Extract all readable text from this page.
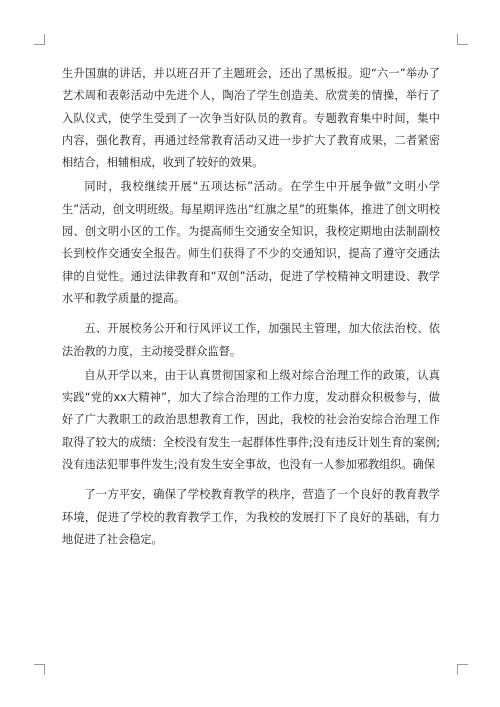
生升国旗的讲话，并以班召开了主题班会，还出了黑板报。迎“六一”举办了艺术周和表彰活动中先进个人，陶冶了学生创造美、欣赏美的情操，举行了入队仪式，使学生受到了一次争当好队员的教育。专题教育集中时间，集中内容，强化教育，再通过经常教育活动又进一步扩大了教育成果，二者紧密相结合，相辅相成，收到了较好的效果。

同时，我校继续开展“五项达标”活动。在学生中开展争做”文明小学生”活动，创文明班级。每星期评选出“红旗之星”的班集体，推进了创文明校园、创文明小区的工作。为提高师生交通安全知识，我校定期地由法制副校长到校作交通安全报告。师生们获得了不少的交通知识，提高了遵守交通法律的自觉性。通过法律教育和“双创”活动，促进了学校精神文明建设、教学水平和教学质量的提高。

五、开展校务公开和行风评议工作，加强民主管理，加大依法治校、依法治教的力度，主动接受群众监督。

自从开学以来，由于认真贯彻国家和上级对综合治理工作的政策，认真实践“党的xx大精神”，加大了综合治理的工作力度，发动群众积极参与，做好了广大教职工的政治思想教育工作，因此，我校的社会治安综合治理工作取得了较大的成绩：全校没有发生一起群体性事件;没有违反计划生育的案例;没有违法犯罪事件发生;没有发生安全事故，也没有一人参加邪教组织。确保

了一方平安，确保了学校教育教学的秩序，营造了一个良好的教育教学环境，促进了学校的教育教学工作，为我校的发展打下了良好的基础，有力地促进了社会稳定。
